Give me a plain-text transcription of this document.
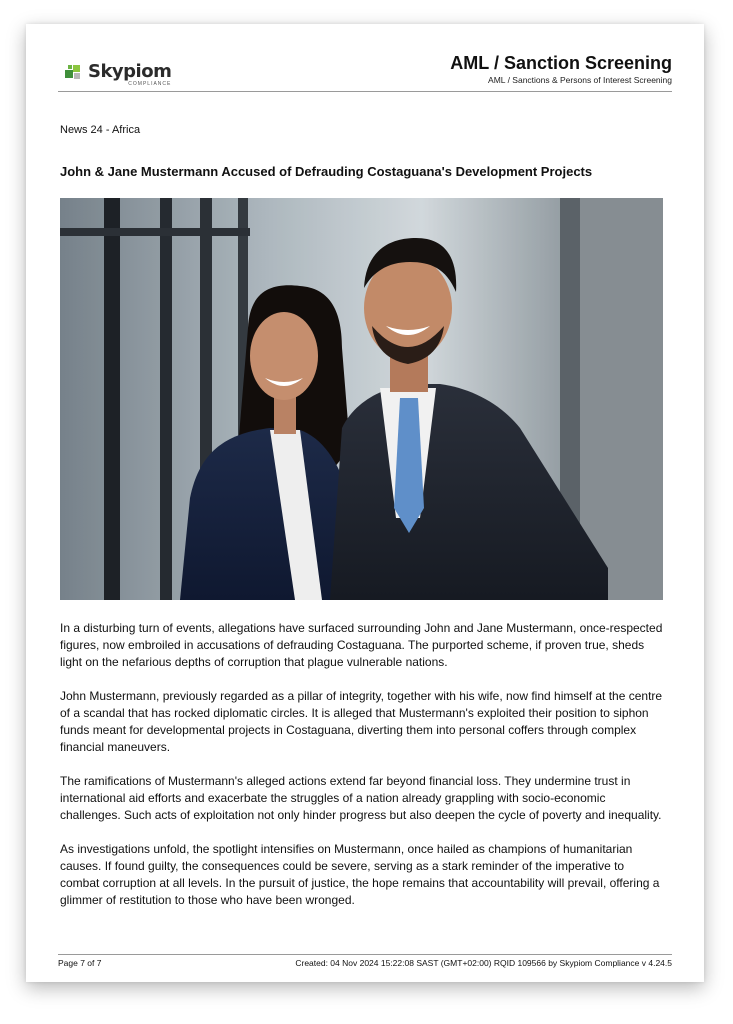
Skypiom
COMPLIANCE
AML / Sanction Screening
AML / Sanctions & Persons of Interest Screening
News 24 - Africa
John & Jane Mustermann Accused of Defrauding Costaguana's Development Projects

In a disturbing turn of events, allegations have surfaced surrounding John and Jane Mustermann, once-respected figures, now embroiled in accusations of defrauding Costaguana. The purported scheme, if proven true, sheds light on the nefarious depths of corruption that plague vulnerable nations.

John Mustermann, previously regarded as a pillar of integrity, together with his wife, now find himself at the centre of a scandal that has rocked diplomatic circles. It is alleged that Mustermann's exploited their position to siphon funds meant for developmental projects in Costaguana, diverting them into personal coffers through complex financial maneuvers.

The ramifications of Mustermann's alleged actions extend far beyond financial loss. They undermine trust in international aid efforts and exacerbate the struggles of a nation already grappling with socio-economic challenges. Such acts of exploitation not only hinder progress but also deepen the cycle of poverty and inequality.

As investigations unfold, the spotlight intensifies on Mustermann, once hailed as champions of humanitarian causes. If found guilty, the consequences could be severe, serving as a stark reminder of the imperative to combat corruption at all levels. In the pursuit of justice, the hope remains that accountability will prevail, offering a glimmer of restitution to those who have been wronged.

Page 7 of 7	Created: 04 Nov 2024 15:22:08 SAST (GMT+02:00) RQID 109566 by Skypiom Compliance v 4.24.5
